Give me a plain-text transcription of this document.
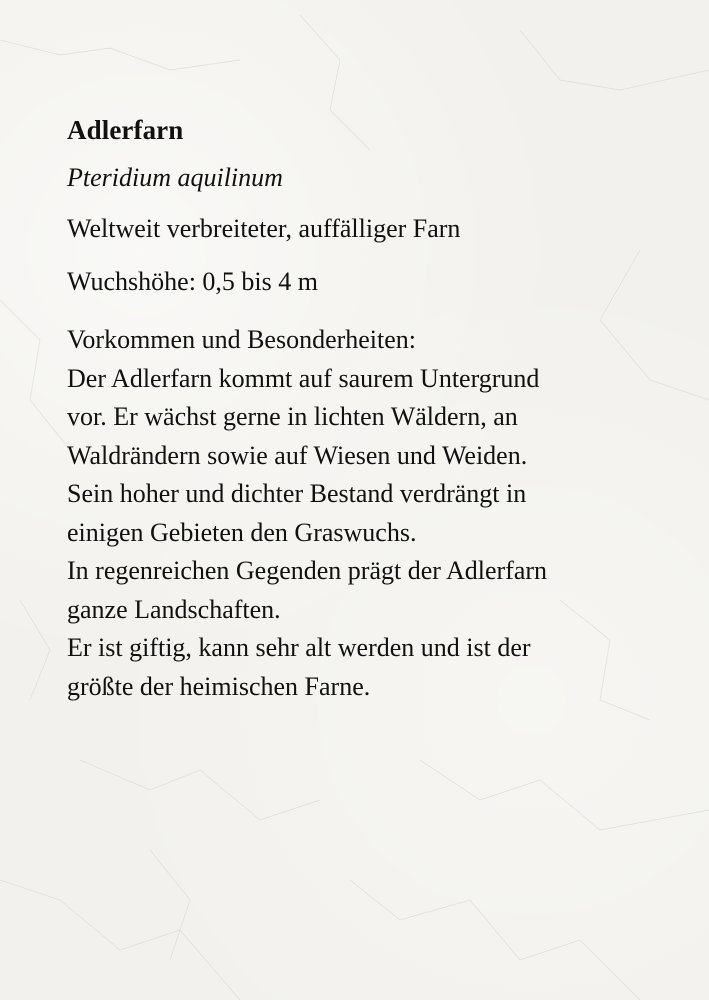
Adlerfarn
Pteridium aquilinum
Weltweit verbreiteter, auffälliger Farn
Wuchshöhe: 0,5 bis 4 m
Vorkommen und Besonderheiten:
Der Adlerfarn kommt auf saurem Untergrund
vor. Er wächst gerne in lichten Wäldern, an
Waldrändern sowie auf Wiesen und Weiden.
Sein hoher und dichter Bestand verdrängt in
einigen Gebieten den Graswuchs.
In regenreichen Gegenden prägt der Adlerfarn
ganze Landschaften.
Er ist giftig, kann sehr alt werden und ist der
größte der heimischen Farne.
